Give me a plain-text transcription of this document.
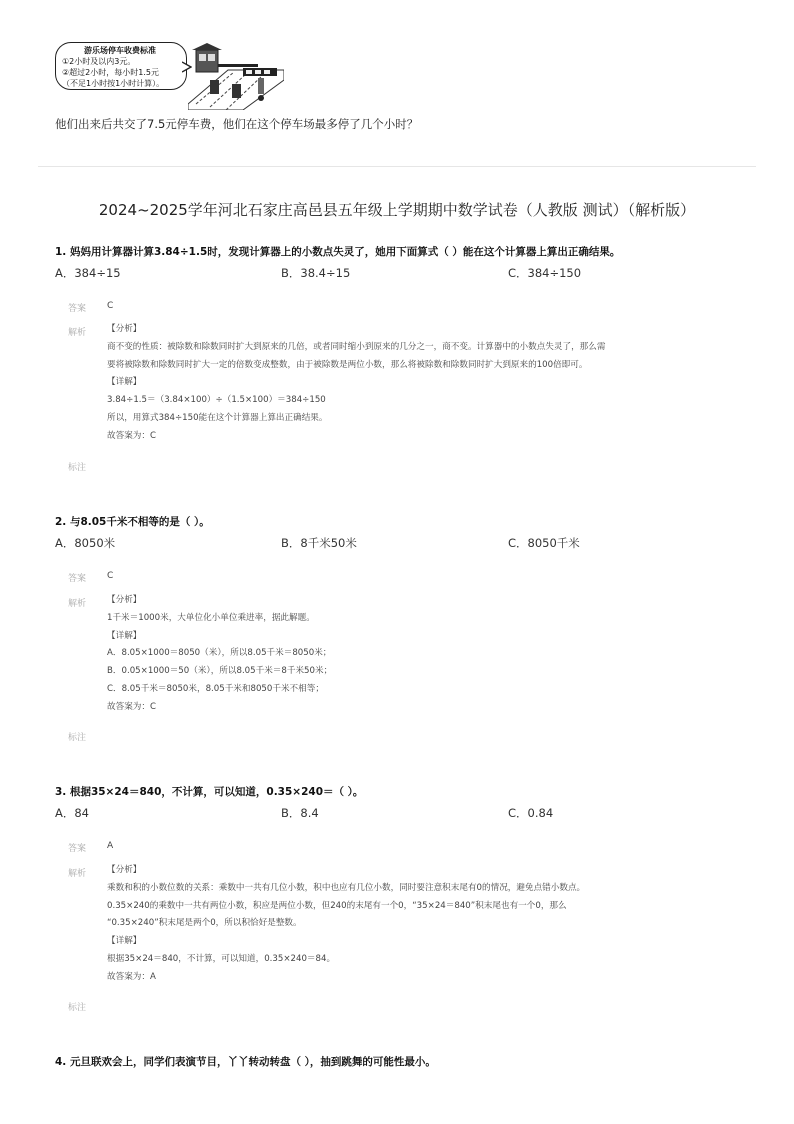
游乐场停车收费标准
①2小时及以内3元。
②超过2小时，每小时1.5元
（不足1小时按1小时计算）。
他们出来后共交了7.5元停车费，他们在这个停车场最多停了几个小时？
2024~2025学年河北石家庄高邑县五年级上学期期中数学试卷（人教版 测试）（解析版）
1. 妈妈用计算器计算3.84÷1.5时，发现计算器上的小数点失灵了，她用下面算式（ ）能在这个计算器上算出正确结果。
A．384÷15	B．38.4÷15	C．384÷150
答案 C
解析 【分析】
商不变的性质：被除数和除数同时扩大到原来的几倍，或者同时缩小到原来的几分之一，商不变。计算器中的小数点失灵了，那么需
要将被除数和除数同时扩大一定的倍数变成整数，由于被除数是两位小数，那么将被除数和除数同时扩大到原来的100倍即可。
【详解】
3.84÷1.5＝（3.84×100）÷（1.5×100）＝384÷150
所以，用算式384÷150能在这个计算器上算出正确结果。
故答案为：C
标注
2. 与8.05千米不相等的是（ ）。
A．8050米	B．8千米50米	C．8050千米
答案 C
解析 【分析】
1千米＝1000米，大单位化小单位乘进率，据此解题。
【详解】
A．8.05×1000＝8050（米），所以8.05千米＝8050米；
B．0.05×1000＝50（米），所以8.05千米＝8千米50米；
C．8.05千米＝8050米，8.05千米和8050千米不相等；
故答案为：C
标注
3. 根据35×24＝840，不计算，可以知道，0.35×240＝（ ）。
A．84	B．8.4	C．0.84
答案 A
解析 【分析】
乘数和积的小数位数的关系：乘数中一共有几位小数，积中也应有几位小数，同时要注意积末尾有0的情况，避免点错小数点。
0.35×240的乘数中一共有两位小数，积应是两位小数，但240的末尾有一个0，“35×24＝840”积末尾也有一个0，那么
“0.35×240”积末尾是两个0，所以积恰好是整数。
【详解】
根据35×24＝840，不计算，可以知道，0.35×240＝84。
故答案为：A
标注
4. 元旦联欢会上，同学们表演节目，丫丫转动转盘（ ），抽到跳舞的可能性最小。
